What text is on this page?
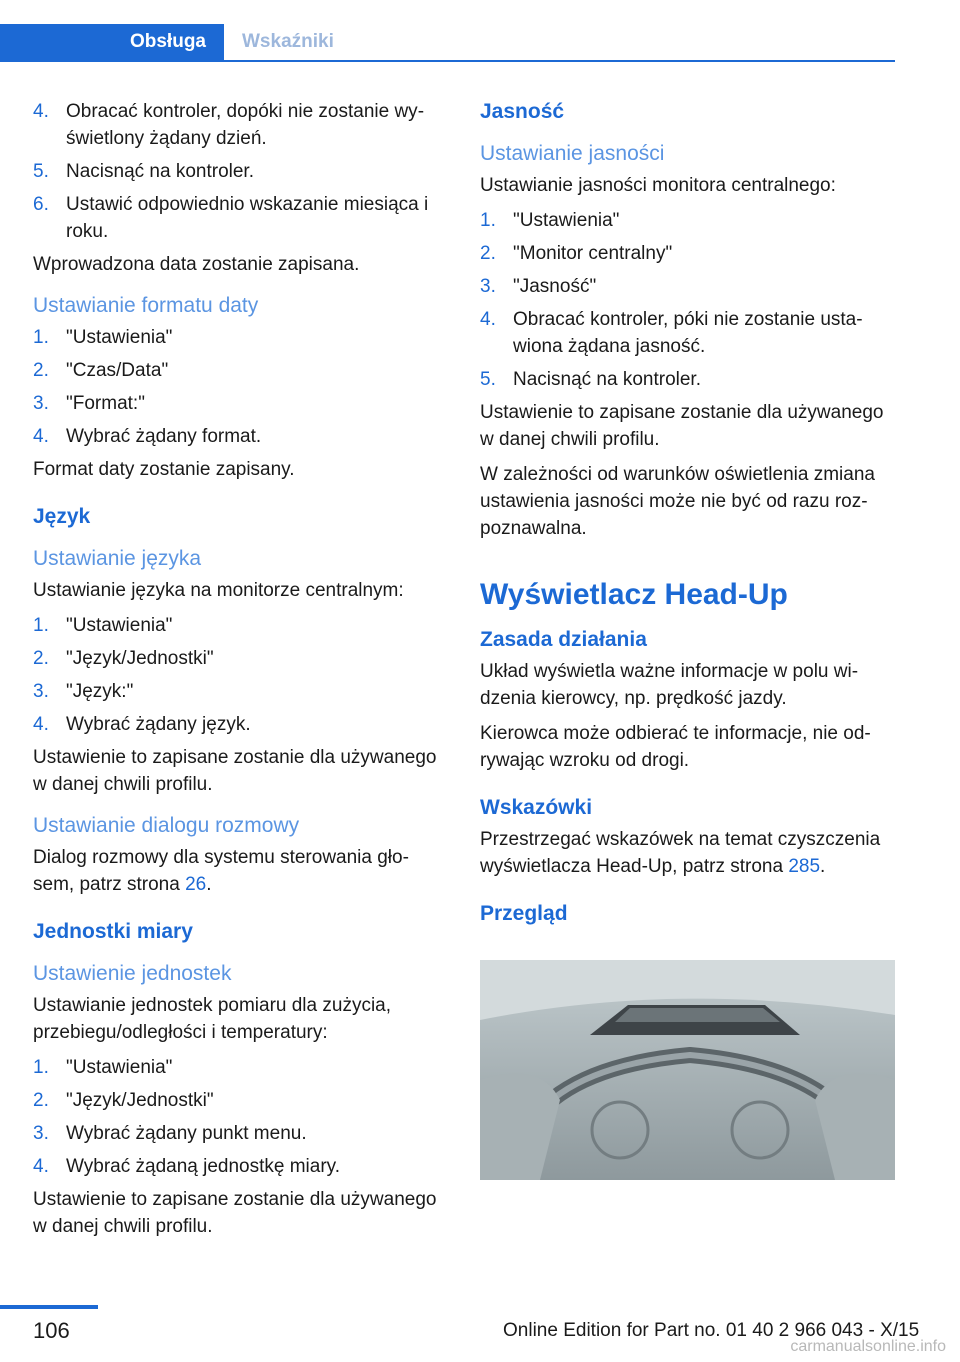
Obsługa	Wskaźniki
4. Obracać kontroler, dopóki nie zostanie wyświetlony żądany dzień.
5. Nacisnąć na kontroler.
6. Ustawić odpowiednio wskazanie miesiąca i roku.

Wprowadzona data zostanie zapisana.

Ustawianie formatu daty
1. "Ustawienia"
2. "Czas/Data"
3. "Format:"
4. Wybrać żądany format.

Format daty zostanie zapisany.

Język
Ustawianie języka

Ustawianie języka na monitorze centralnym:

1. "Ustawienia"
2. "Język/Jednostki"
3. "Język:"
4. Wybrać żądany język.

Ustawienie to zapisane zostanie dla używanego w danej chwili profilu.

Ustawianie dialogu rozmowy

Dialog rozmowy dla systemu sterowania głosem, patrz strona 26.

Jednostki miary
Ustawienie jednostek

Ustawianie jednostek pomiaru dla zużycia, przebiegu/odległości i temperatury:

1. "Ustawienia"
2. "Język/Jednostki"
3. Wybrać żądany punkt menu.
4. Wybrać żądaną jednostkę miary.

Ustawienie to zapisane zostanie dla używanego w danej chwili profilu.

Jasność
Ustawianie jasności

Ustawianie jasności monitora centralnego:

1. "Ustawienia"
2. "Monitor centralny"
3. "Jasność"
4. Obracać kontroler, póki nie zostanie ustawiona żądana jasność.
5. Nacisnąć na kontroler.

Ustawienie to zapisane zostanie dla używanego w danej chwili profilu.

W zależności od warunków oświetlenia zmiana ustawienia jasności może nie być od razu rozpoznawalna.

Wyświetlacz Head-Up
Zasada działania

Układ wyświetla ważne informacje w polu widzenia kierowcy, np. prędkość jazdy.

Kierowca może odbierać te informacje, nie odrywając wzroku od drogi.

Wskazówki

Przestrzegać wskazówek na temat czyszczenia wyświetlacza Head-Up, patrz strona 285.

Przegląd
106	Online Edition for Part no. 01 40 2 966 043 - X/15
carmanualsonline.info
